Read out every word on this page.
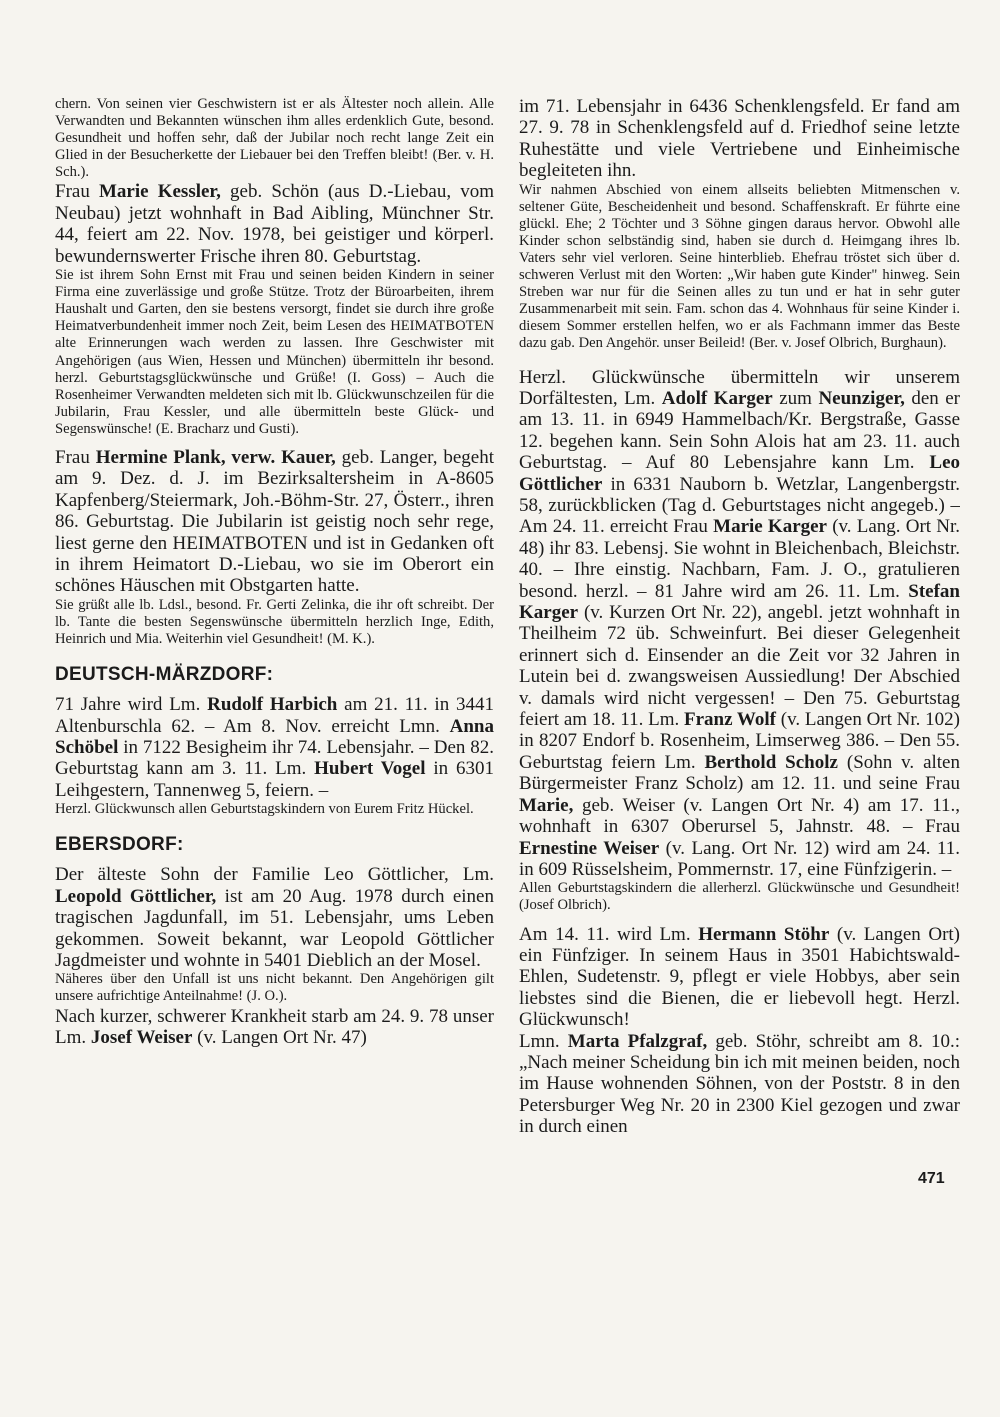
chern. Von seinen vier Geschwistern ist er als Ältester noch allein. Alle Verwandten und Bekannten wünschen ihm alles erdenklich Gute, besond. Gesundheit und hoffen sehr, daß der Jubilar noch recht lange Zeit ein Glied in der Besucherkette der Liebauer bei den Treffen bleibt! (Ber. v. H. Sch.).

Frau Marie Kessler, geb. Schön (aus D.-Liebau, vom Neubau) jetzt wohnhaft in Bad Aibling, Münchner Str. 44, feiert am 22. Nov. 1978, bei geistiger und körperl. bewundernswerter Frische ihren 80. Geburtstag.

Sie ist ihrem Sohn Ernst mit Frau und seinen beiden Kindern in seiner Firma eine zuverlässige und große Stütze. Trotz der Büroarbeiten, ihrem Haushalt und Garten, den sie bestens versorgt, findet sie durch ihre große Heimatverbundenheit immer noch Zeit, beim Lesen des HEIMATBOTEN alte Erinnerungen wach werden zu lassen. Ihre Geschwister mit Angehörigen (aus Wien, Hessen und München) übermitteln ihr besond. herzl. Geburtstagsglückwünsche und Grüße! (I. Goss) – Auch die Rosenheimer Verwandten meldeten sich mit lb. Glückwunschzeilen für die Jubilarin, Frau Kessler, und alle übermitteln beste Glück- und Segenswünsche! (E. Bracharz und Gusti).

Frau Hermine Plank, verw. Kauer, geb. Langer, begeht am 9. Dez. d. J. im Bezirksaltersheim in A-8605 Kapfenberg/Steiermark, Joh.-Böhm-Str. 27, Österr., ihren 86. Geburtstag. Die Jubilarin ist geistig noch sehr rege, liest gerne den HEIMATBOTEN und ist in Gedanken oft in ihrem Heimatort D.-Liebau, wo sie im Oberort ein schönes Häuschen mit Obstgarten hatte.

Sie grüßt alle lb. Ldsl., besond. Fr. Gerti Zelinka, die ihr oft schreibt. Der lb. Tante die besten Segenswünsche übermitteln herzlich Inge, Edith, Heinrich und Mia. Weiterhin viel Gesundheit! (M. K.).

DEUTSCH-MÄRZDORF:

71 Jahre wird Lm. Rudolf Harbich am 21. 11. in 3441 Altenburschla 62. – Am 8. Nov. erreicht Lmn. Anna Schöbel in 7122 Besigheim ihr 74. Lebensjahr. – Den 82. Geburtstag kann am 3. 11. Lm. Hubert Vogel in 6301 Leihgestern, Tannenweg 5, feiern. –

Herzl. Glückwunsch allen Geburtstagskindern von Eurem Fritz Hückel.

EBERSDORF:

Der älteste Sohn der Familie Leo Göttlicher, Lm. Leopold Göttlicher, ist am 20 Aug. 1978 durch einen tragischen Jagdunfall, im 51. Lebensjahr, ums Leben gekommen. Soweit bekannt, war Leopold Göttlicher Jagdmeister und wohnte in 5401 Dieblich an der Mosel.

Näheres über den Unfall ist uns nicht bekannt. Den Angehörigen gilt unsere aufrichtige Anteilnahme! (J. O.).

Nach kurzer, schwerer Krankheit starb am 24. 9. 78 unser Lm. Josef Weiser (v. Langen Ort Nr. 47)

im 71. Lebensjahr in 6436 Schenklengsfeld. Er fand am 27. 9. 78 in Schenklengsfeld auf d. Friedhof seine letzte Ruhestätte und viele Vertriebene und Einheimische begleiteten ihn.

Wir nahmen Abschied von einem allseits beliebten Mitmenschen v. seltener Güte, Bescheidenheit und besond. Schaffenskraft. Er führte eine glückl. Ehe; 2 Töchter und 3 Söhne gingen daraus hervor. Obwohl alle Kinder schon selbständig sind, haben sie durch d. Heimgang ihres lb. Vaters sehr viel verloren. Seine hinterblieb. Ehefrau tröstet sich über d. schweren Verlust mit den Worten: „Wir haben gute Kinder" hinweg. Sein Streben war nur für die Seinen alles zu tun und er hat in sehr guter Zusammenarbeit mit sein. Fam. schon das 4. Wohnhaus für seine Kinder i. diesem Sommer erstellen helfen, wo er als Fachmann immer das Beste dazu gab. Den Angehör. unser Beileid! (Ber. v. Josef Olbrich, Burghaun).

Herzl. Glückwünsche übermitteln wir unserem Dorfältesten, Lm. Adolf Karger zum Neunziger, den er am 13. 11. in 6949 Hammelbach/Kr. Bergstraße, Gasse 12. begehen kann. Sein Sohn Alois hat am 23. 11. auch Geburtstag. – Auf 80 Lebensjahre kann Lm. Leo Göttlicher in 6331 Nauborn b. Wetzlar, Langenbergstr. 58, zurückblicken (Tag d. Geburtstages nicht angegeb.) – Am 24. 11. erreicht Frau Marie Karger (v. Lang. Ort Nr. 48) ihr 83. Lebensj. Sie wohnt in Bleichenbach, Bleichstr. 40. – Ihre einstig. Nachbarn, Fam. J. O., gratulieren besond. herzl. – 81 Jahre wird am 26. 11. Lm. Stefan Karger (v. Kurzen Ort Nr. 22), angebl. jetzt wohnhaft in Theilheim 72 üb. Schweinfurt. Bei dieser Gelegenheit erinnert sich d. Einsender an die Zeit vor 32 Jahren in Lutein bei d. zwangsweisen Aussiedlung! Der Abschied v. damals wird nicht vergessen! – Den 75. Geburtstag feiert am 18. 11. Lm. Franz Wolf (v. Langen Ort Nr. 102) in 8207 Endorf b. Rosenheim, Limserweg 386. – Den 55. Geburtstag feiern Lm. Berthold Scholz (Sohn v. alten Bürgermeister Franz Scholz) am 12. 11. und seine Frau Marie, geb. Weiser (v. Langen Ort Nr. 4) am 17. 11., wohnhaft in 6307 Oberursel 5, Jahnstr. 48. – Frau Ernestine Weiser (v. Lang. Ort Nr. 12) wird am 24. 11. in 609 Rüsselsheim, Pommernstr. 17, eine Fünfzigerin. –

Allen Geburtstagskindern die allerherzl. Glückwünsche und Gesundheit! (Josef Olbrich).

Am 14. 11. wird Lm. Hermann Stöhr (v. Langen Ort) ein Fünfziger. In seinem Haus in 3501 Habichtswald-Ehlen, Sudetenstr. 9, pflegt er viele Hobbys, aber sein liebstes sind die Bienen, die er liebevoll hegt. Herzl. Glückwunsch!

Lmn. Marta Pfalzgraf, geb. Stöhr, schreibt am 8. 10.: „Nach meiner Scheidung bin ich mit meinen beiden, noch im Hause wohnenden Söhnen, von der Poststr. 8 in den Petersburger Weg Nr. 20 in 2300 Kiel gezogen und zwar in durch einen

471
